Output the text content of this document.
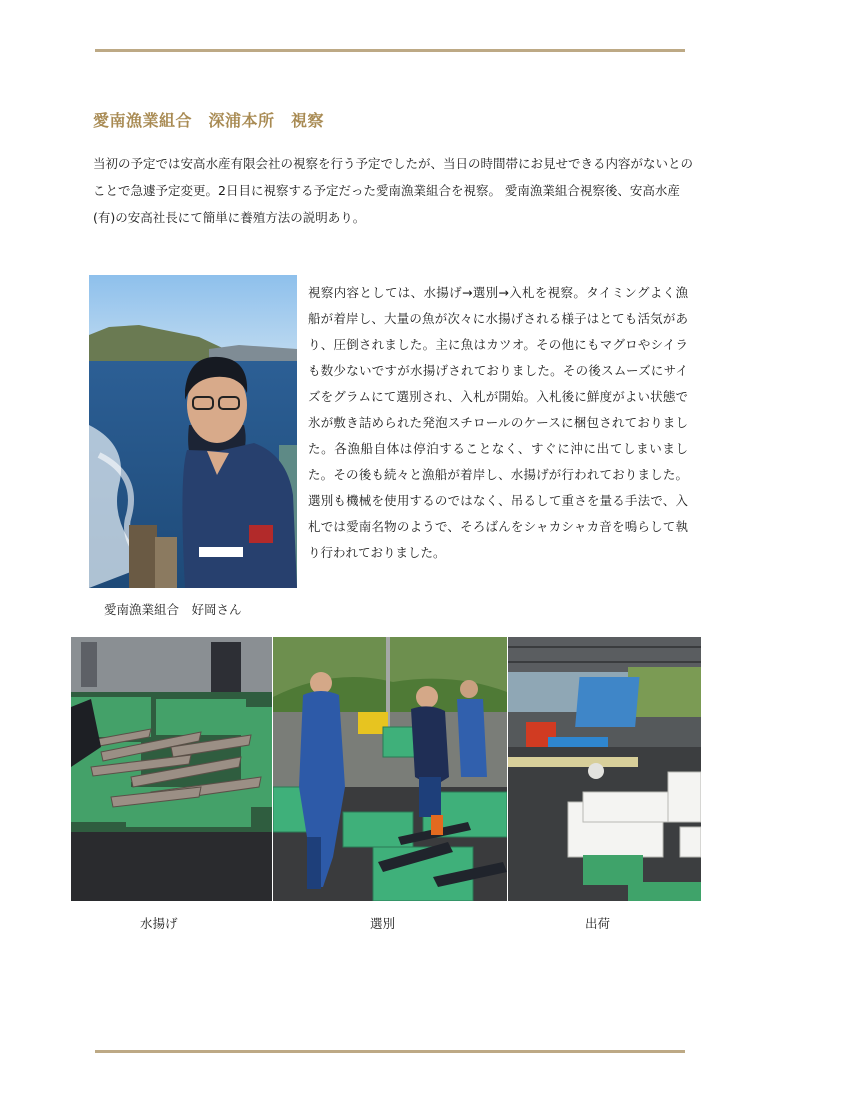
愛南漁業組合　深浦本所　視察

当初の予定では安高水産有限会社の視察を行う予定でしたが、当日の時間帯にお見せできる内容がないとのことで急遽予定変更。2日目に視察する予定だった愛南漁業組合を視察。 愛南漁業組合視察後、安高水産(有)の安高社長にて簡単に養殖方法の説明あり。

視察内容としては、水揚げ→選別→入札を視察。タイミングよく漁船が着岸し、大量の魚が次々に水揚げされる様子はとても活気があり、圧倒されました。主に魚はカツオ。その他にもマグロやシイラも数少ないですが水揚げされておりました。その後スムーズにサイズをグラムにて選別され、入札が開始。入札後に鮮度がよい状態で氷が敷き詰められた発泡スチロールのケースに梱包されておりました。各漁船自体は停泊することなく、すぐに沖に出てしまいました。その後も続々と漁船が着岸し、水揚げが行われておりました。選別も機械を使用するのではなく、吊るして重さを量る手法で、入札では愛南名物のようで、そろばんをシャカシャカ音を鳴らして執り行われておりました。

愛南漁業組合　好岡さん
水揚げ	選別	出荷
